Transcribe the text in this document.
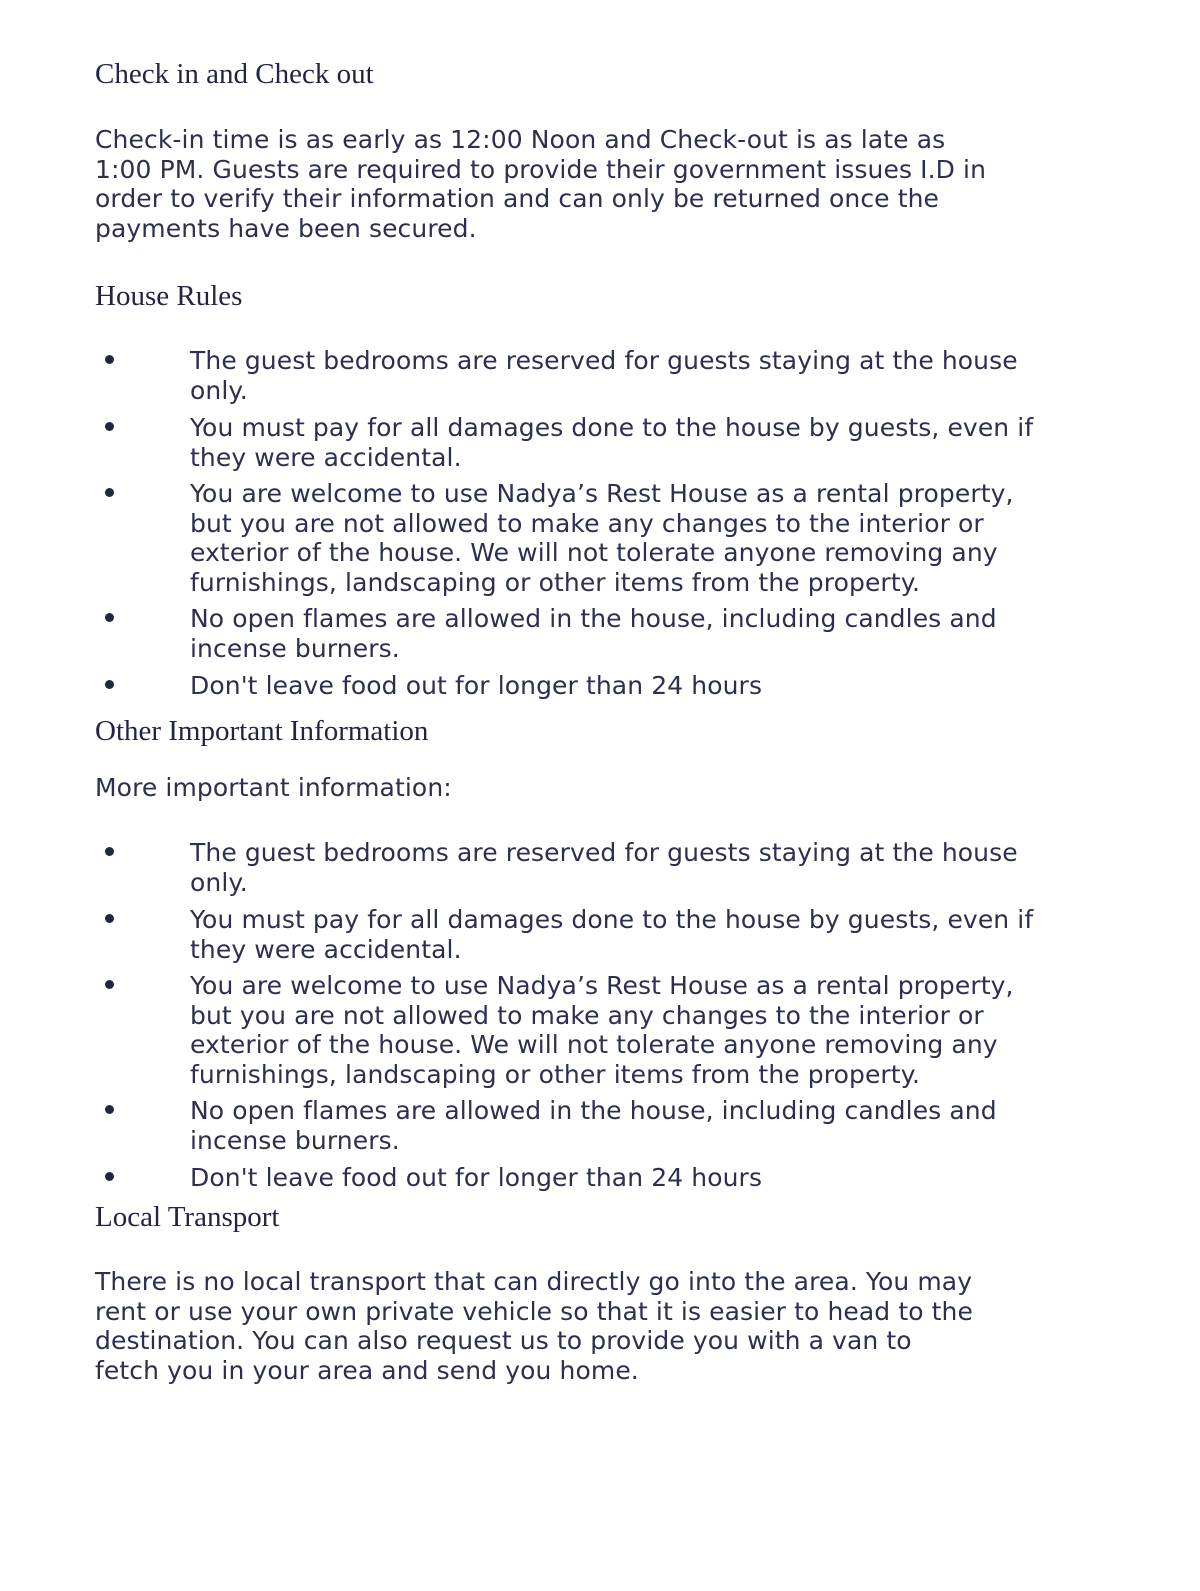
Check in and Check out

Check-in time is as early as 12:00 Noon and Check-out is as late as
1:00 PM. Guests are required to provide their government issues I.D in
order to verify their information and can only be returned once the
payments have been secured.

House Rules
The guest bedrooms are reserved for guests staying at the house
only.
You must pay for all damages done to the house by guests, even if
they were accidental.
You are welcome to use Nadya’s Rest House as a rental property,
but you are not allowed to make any changes to the interior or
exterior of the house. We will not tolerate anyone removing any
furnishings, landscaping or other items from the property.
No open flames are allowed in the house, including candles and
incense burners.
Don't leave food out for longer than 24 hours
Other Important Information

More important information:

The guest bedrooms are reserved for guests staying at the house
only.
You must pay for all damages done to the house by guests, even if
they were accidental.
You are welcome to use Nadya’s Rest House as a rental property,
but you are not allowed to make any changes to the interior or
exterior of the house. We will not tolerate anyone removing any
furnishings, landscaping or other items from the property.
No open flames are allowed in the house, including candles and
incense burners.
Don't leave food out for longer than 24 hours
Local Transport

There is no local transport that can directly go into the area. You may
rent or use your own private vehicle so that it is easier to head to the
destination. You can also request us to provide you with a van to
fetch you in your area and send you home.
